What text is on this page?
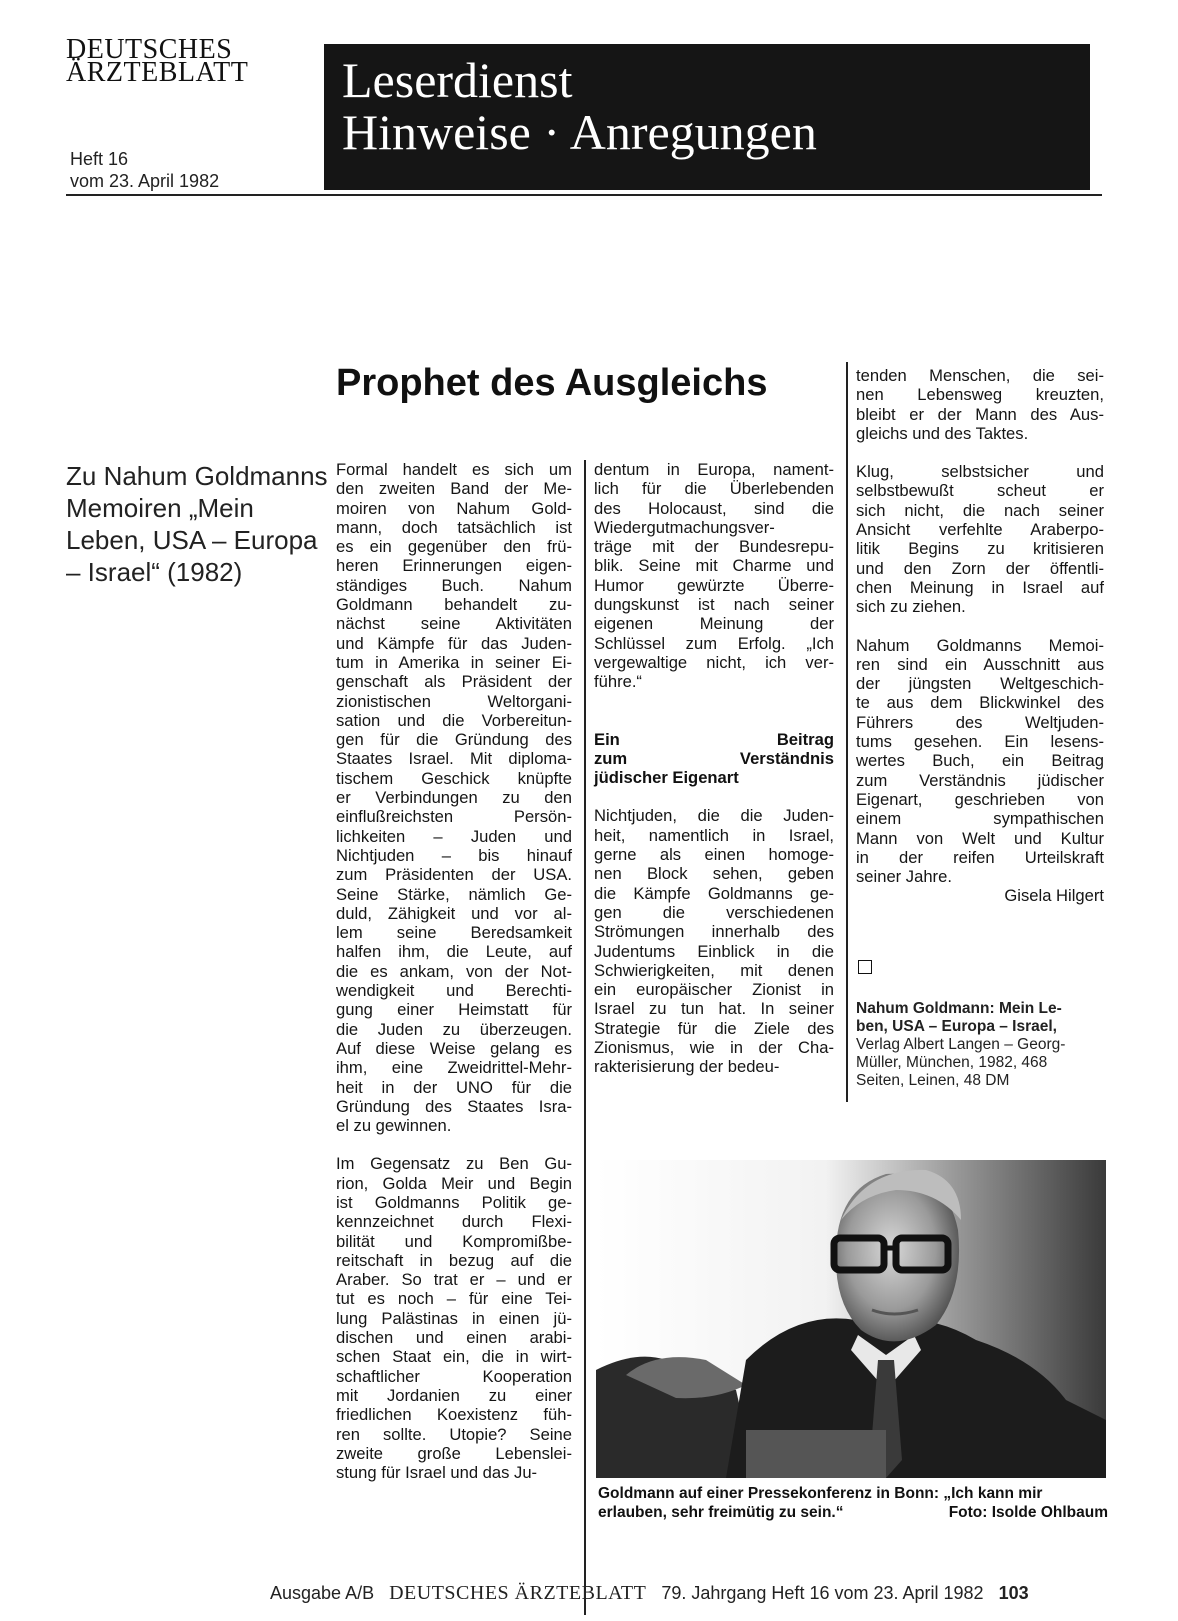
DEUTSCHES
ÄRZTEBLATT
Heft 16
vom 23. April 1982
Leserdienst
Hinweise · Anregungen
Prophet des Ausgleichs
Zu Nahum Goldmanns
Memoiren „Mein
Leben, USA – Europa
– Israel“ (1982)
Formal handelt es sich um
den zweiten Band der Me-
moiren von Nahum Gold-
mann, doch tatsächlich ist
es ein gegenüber den frü-
heren Erinnerungen eigen-
ständiges Buch. Nahum
Goldmann behandelt zu-
nächst seine Aktivitäten
und Kämpfe für das Juden-
tum in Amerika in seiner Ei-
genschaft als Präsident der
zionistischen Weltorgani-
sation und die Vorbereitun-
gen für die Gründung des
Staates Israel. Mit diploma-
tischem Geschick knüpfte
er Verbindungen zu den
einflußreichsten Persön-
lichkeiten – Juden und
Nichtjuden – bis hinauf
zum Präsidenten der USA.
Seine Stärke, nämlich Ge-
duld, Zähigkeit und vor al-
lem seine Beredsamkeit
halfen ihm, die Leute, auf
die es ankam, von der Not-
wendigkeit und Berechti-
gung einer Heimstatt für
die Juden zu überzeugen.
Auf diese Weise gelang es
ihm, eine Zweidrittel-Mehr-
heit in der UNO für die
Gründung des Staates Isra-
el zu gewinnen.
Im Gegensatz zu Ben Gu-
rion, Golda Meir und Begin
ist Goldmanns Politik ge-
kennzeichnet durch Flexi-
bilität und Kompromißbe-
reitschaft in bezug auf die
Araber. So trat er – und er
tut es noch – für eine Tei-
lung Palästinas in einen jü-
dischen und einen arabi-
schen Staat ein, die in wirt-
schaftlicher Kooperation
mit Jordanien zu einer
friedlichen Koexistenz füh-
ren sollte. Utopie? Seine
zweite große Lebenslei-
stung für Israel und das Ju-
dentum in Europa, nament-
lich für die Überlebenden
des Holocaust, sind die
Wiedergutmachungsver-
träge mit der Bundesrepu-
blik. Seine mit Charme und
Humor gewürzte Überre-
dungskunst ist nach seiner
eigenen Meinung der
Schlüssel zum Erfolg. „Ich
vergewaltige nicht, ich ver-
führe.“
Ein Beitrag
zum Verständnis
jüdischer Eigenart
Nichtjuden, die die Juden-
heit, namentlich in Israel,
gerne als einen homoge-
nen Block sehen, geben
die Kämpfe Goldmanns ge-
gen die verschiedenen
Strömungen innerhalb des
Judentums Einblick in die
Schwierigkeiten, mit denen
ein europäischer Zionist in
Israel zu tun hat. In seiner
Strategie für die Ziele des
Zionismus, wie in der Cha-
rakterisierung der bedeu-
tenden Menschen, die sei-
nen Lebensweg kreuzten,
bleibt er der Mann des Aus-
gleichs und des Taktes.
Klug, selbstsicher und
selbstbewußt scheut er
sich nicht, die nach seiner
Ansicht verfehlte Araberpo-
litik Begins zu kritisieren
und den Zorn der öffentli-
chen Meinung in Israel auf
sich zu ziehen.
Nahum Goldmanns Memoi-
ren sind ein Ausschnitt aus
der jüngsten Weltgeschich-
te aus dem Blickwinkel des
Führers des Weltjuden-
tums gesehen. Ein lesens-
wertes Buch, ein Beitrag
zum Verständnis jüdischer
Eigenart, geschrieben von
einem sympathischen
Mann von Welt und Kultur
in der reifen Urteilskraft
seiner Jahre.
Gisela Hilgert
Nahum Goldmann: Mein Le-
ben, USA – Europa – Israel,
Verlag Albert Langen – Georg-
Müller, München, 1982, 468
Seiten, Leinen, 48 DM
Goldmann auf einer Pressekonferenz in Bonn: „Ich kann mir
erlauben, sehr freimütig zu sein.“	Foto: Isolde Ohlbaum
Ausgabe A/B DEUTSCHES ÄRZTEBLATT 79. Jahrgang Heft 16 vom 23. April 1982 103
